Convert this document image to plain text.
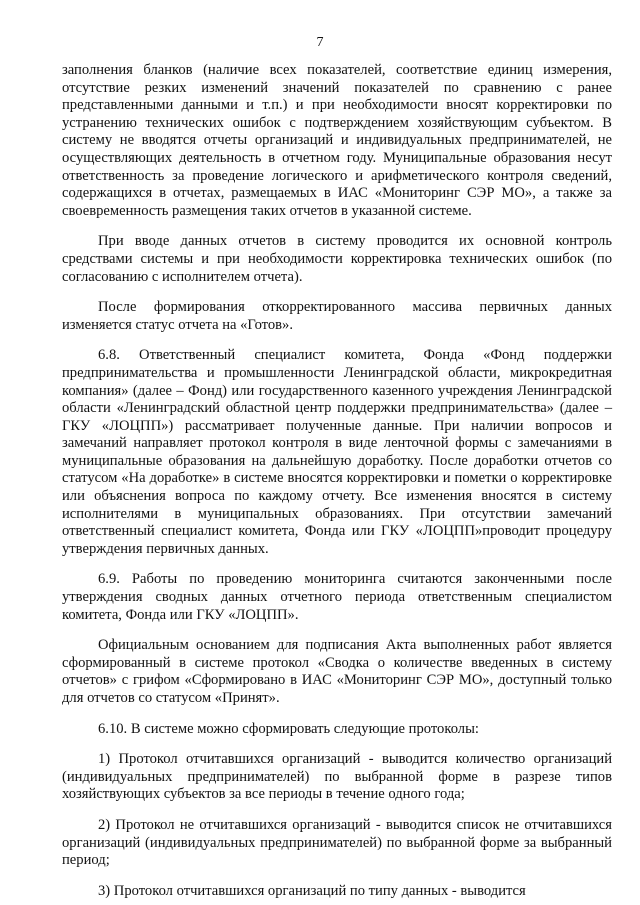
7

заполнения бланков (наличие всех показателей, соответствие единиц измерения, отсутствие резких изменений значений показателей по сравнению с ранее представленными данными и т.п.) и при необходимости вносят корректировки по устранению технических ошибок с подтверждением хозяйствующим субъектом. В систему не вводятся отчеты организаций и индивидуальных предпринимателей, не осуществляющих деятельность в отчетном году. Муниципальные образования несут ответственность за проведение логического и арифметического контроля сведений, содержащихся в отчетах, размещаемых в ИАС «Мониторинг СЭР МО», а также за своевременность размещения таких отчетов в указанной системе.

При вводе данных отчетов в систему проводится их основной контроль средствами системы и при необходимости корректировка технических ошибок (по согласованию с исполнителем отчета).

После формирования откорректированного массива первичных данных изменяется статус отчета на «Готов».

6.8. Ответственный специалист комитета, Фонда «Фонд поддержки предпринимательства и промышленности Ленинградской области, микрокредитная компания» (далее – Фонд) или государственного казенного учреждения Ленинградской области «Ленинградский областной центр поддержки предпринимательства» (далее – ГКУ «ЛОЦПП») рассматривает полученные данные. При наличии вопросов и замечаний направляет протокол контроля в виде ленточной формы с замечаниями в муниципальные образования на дальнейшую доработку. После доработки отчетов со статусом «На доработке» в системе вносятся корректировки и пометки о корректировке или объяснения вопроса по каждому отчету. Все изменения вносятся в систему исполнителями в муниципальных образованиях. При отсутствии замечаний ответственный специалист комитета, Фонда или ГКУ «ЛОЦПП»проводит процедуру утверждения первичных данных.

6.9. Работы по проведению мониторинга считаются законченными после утверждения сводных данных отчетного периода ответственным специалистом комитета, Фонда или ГКУ «ЛОЦПП».

Официальным основанием для подписания Акта выполненных работ является сформированный в системе протокол «Сводка о количестве введенных в систему отчетов» с грифом «Сформировано в ИАС «Мониторинг СЭР МО», доступный только для отчетов со статусом «Принят».

6.10. В системе можно сформировать следующие протоколы:

1) Протокол отчитавшихся организаций - выводится количество организаций (индивидуальных предпринимателей) по выбранной форме в разрезе типов хозяйствующих субъектов за все периоды в течение одного года;

2) Протокол не отчитавшихся организаций - выводится список не отчитавшихся организаций (индивидуальных предпринимателей) по выбранной форме за выбранный период;

3) Протокол отчитавшихся организаций по типу данных - выводится
